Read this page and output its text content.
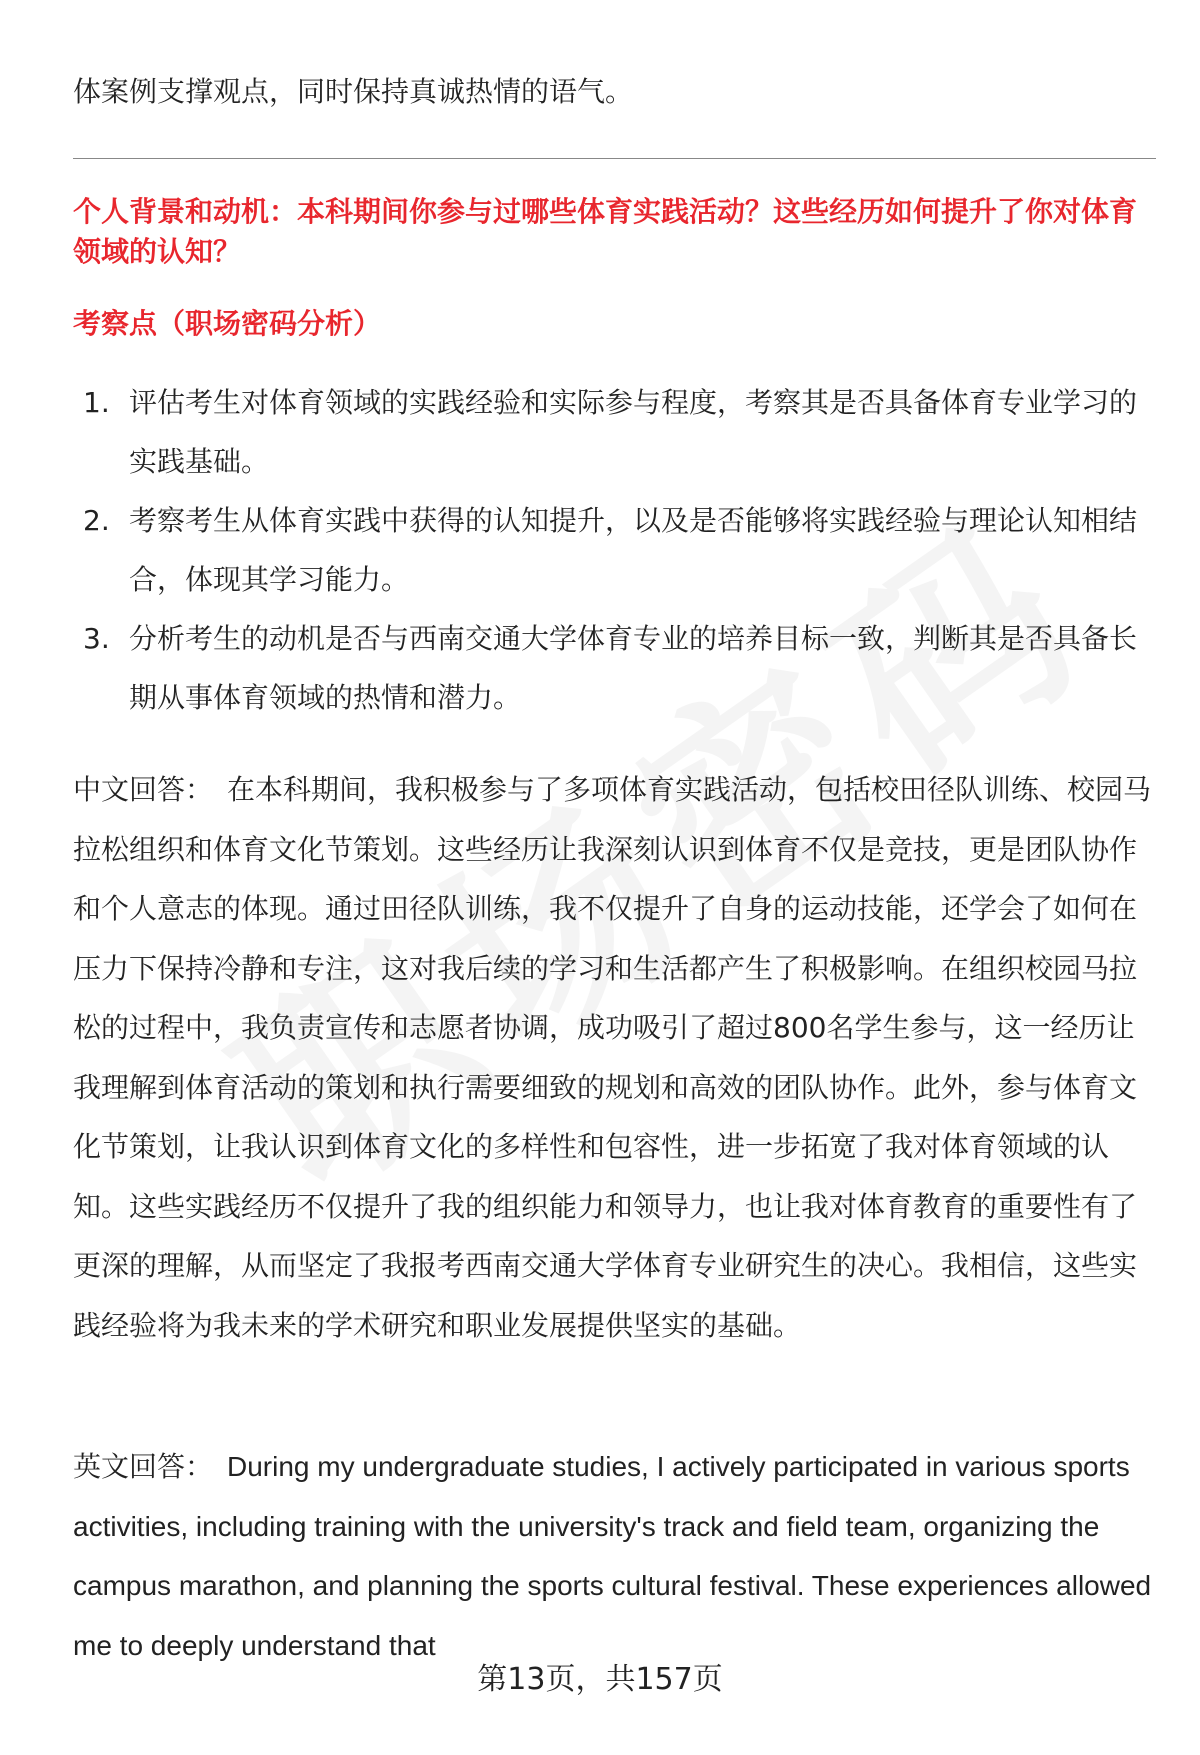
体案例支撑观点，同时保持真诚热情的语气。

个人背景和动机：本科期间你参与过哪些体育实践活动？这些经历如何提升了你对体育领域的认知？

考察点（职场密码分析）

1. 评估考生对体育领域的实践经验和实际参与程度，考察其是否具备体育专业学习的实践基础。
2. 考察考生从体育实践中获得的认知提升，以及是否能够将实践经验与理论认知相结合，体现其学习能力。
3. 分析考生的动机是否与西南交通大学体育专业的培养目标一致，判断其是否具备长期从事体育领域的热情和潜力。

中文回答： 在本科期间，我积极参与了多项体育实践活动，包括校田径队训练、校园马拉松组织和体育文化节策划。这些经历让我深刻认识到体育不仅是竞技，更是团队协作和个人意志的体现。通过田径队训练，我不仅提升了自身的运动技能，还学会了如何在压力下保持冷静和专注，这对我后续的学习和生活都产生了积极影响。在组织校园马拉松的过程中，我负责宣传和志愿者协调，成功吸引了超过800名学生参与，这一经历让我理解到体育活动的策划和执行需要细致的规划和高效的团队协作。此外，参与体育文化节策划，让我认识到体育文化的多样性和包容性，进一步拓宽了我对体育领域的认知。这些实践经历不仅提升了我的组织能力和领导力，也让我对体育教育的重要性有了更深的理解，从而坚定了我报考西南交通大学体育专业研究生的决心。我相信，这些实践经验将为我未来的学术研究和职业发展提供坚实的基础。

英文回答： During my undergraduate studies, I actively participated in various sports activities, including training with the university's track and field team, organizing the campus marathon, and planning the sports cultural festival. These experiences allowed me to deeply understand that

第13页，共157页
